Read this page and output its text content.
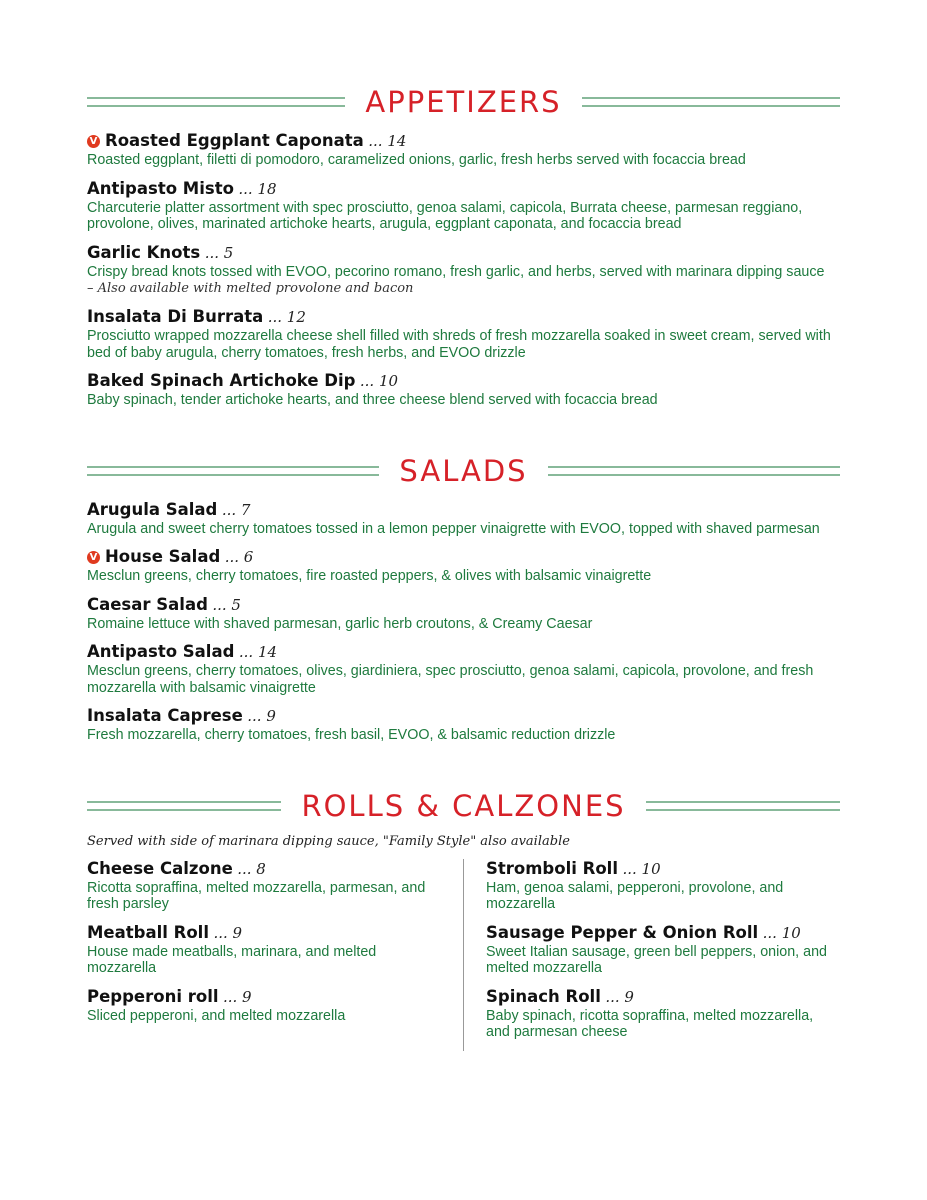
APPETIZERS
V Roasted Eggplant Caponata ... 14
Roasted eggplant, filetti di pomodoro, caramelized onions, garlic, fresh herbs served with focaccia bread
Antipasto Misto ... 18
Charcuterie platter assortment with spec prosciutto, genoa salami, capicola, Burrata cheese, parmesan reggiano, provolone, olives, marinated artichoke hearts, arugula, eggplant caponata, and focaccia bread
Garlic Knots ... 5
Crispy bread knots tossed with EVOO, pecorino romano, fresh garlic, and herbs, served with marinara dipping sauce
– Also available with melted provolone and bacon
Insalata Di Burrata ... 12
Prosciutto wrapped mozzarella cheese shell filled with shreds of fresh mozzarella soaked in sweet cream, served with bed of baby arugula, cherry tomatoes, fresh herbs, and EVOO drizzle
Baked Spinach Artichoke Dip ... 10
Baby spinach, tender artichoke hearts, and three cheese blend served with focaccia bread
SALADS
Arugula Salad ... 7
Arugula and sweet cherry tomatoes tossed in a lemon pepper vinaigrette with EVOO, topped with shaved parmesan
V House Salad ... 6
Mesclun greens, cherry tomatoes, fire roasted peppers, & olives with balsamic vinaigrette
Caesar Salad ... 5
Romaine lettuce with shaved parmesan, garlic herb croutons, & Creamy Caesar
Antipasto Salad ... 14
Mesclun greens, cherry tomatoes, olives, giardiniera, spec prosciutto, genoa salami, capicola, provolone, and fresh mozzarella with balsamic vinaigrette
Insalata Caprese ... 9
Fresh mozzarella, cherry tomatoes, fresh basil, EVOO, & balsamic reduction drizzle
ROLLS & CALZONES
Served with side of marinara dipping sauce, "Family Style" also available
Cheese Calzone ... 8
Ricotta sopraffina, melted mozzarella, parmesan, and fresh parsley
Meatball Roll ... 9
House made meatballs, marinara, and melted mozzarella
Pepperoni roll ... 9
Sliced pepperoni, and melted mozzarella
Stromboli Roll ... 10
Ham, genoa salami, pepperoni, provolone, and mozzarella
Sausage Pepper & Onion Roll ... 10
Sweet Italian sausage, green bell peppers, onion, and melted mozzarella
Spinach Roll ... 9
Baby spinach, ricotta sopraffina, melted mozzarella, and parmesan cheese
